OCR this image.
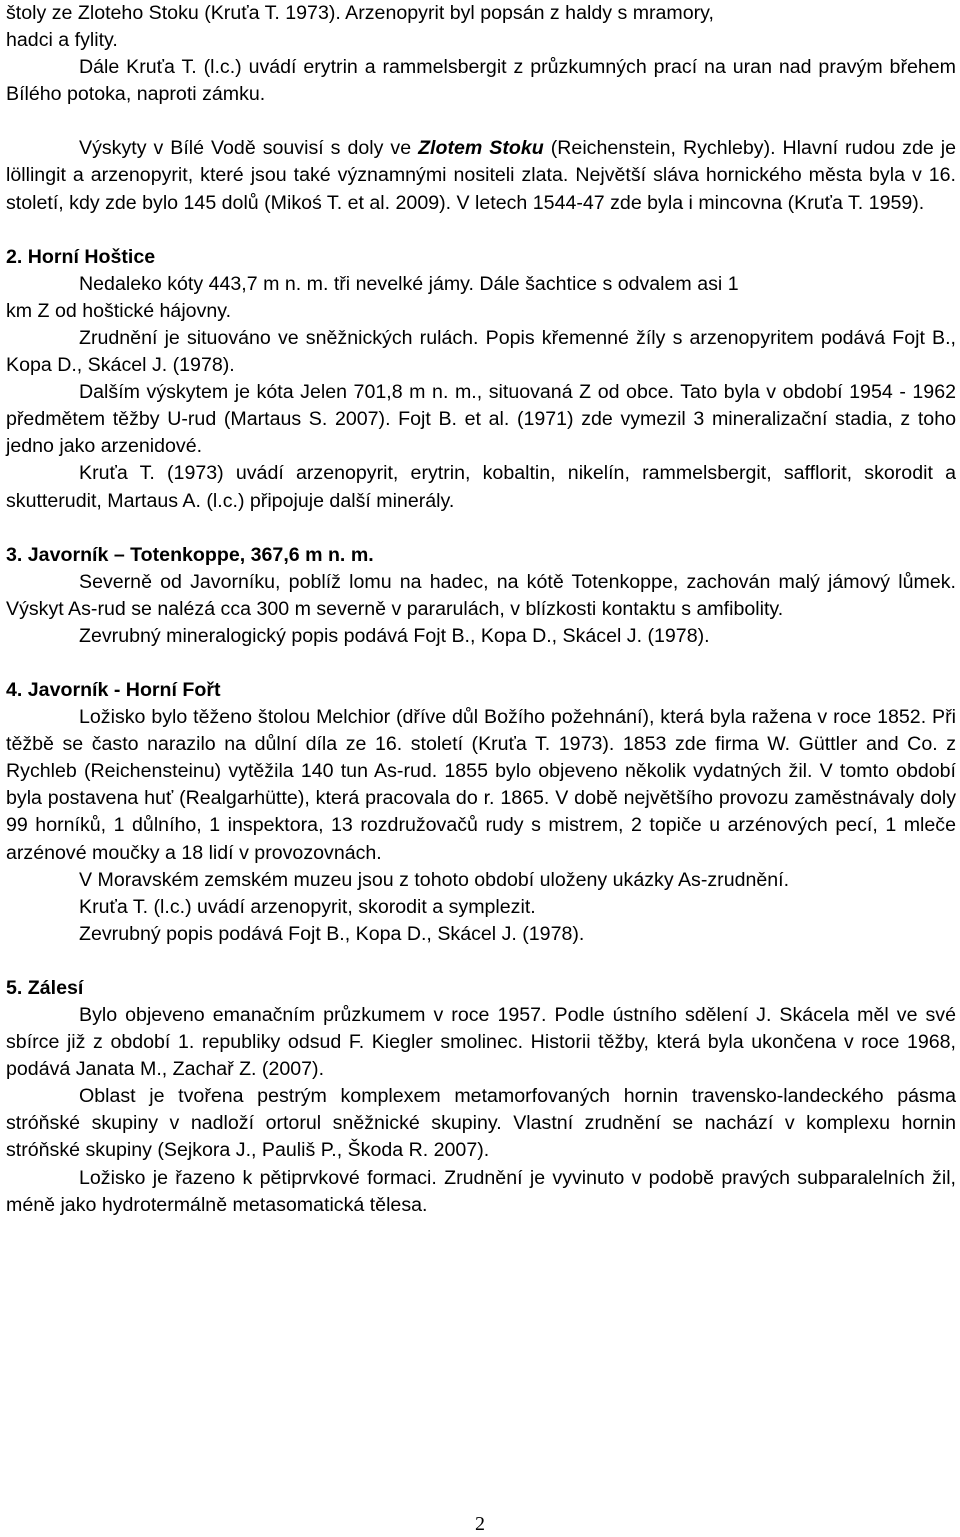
štoly ze Zloteho Stoku (Kruťa T. 1973). Arzenopyrit byl popsán z haldy s mramory,

hadci a fylity.

Dále Kruťa T. (l.c.) uvádí erytrin a rammelsbergit z průzkumných prací na uran nad pravým břehem Bílého potoka, naproti zámku.

Výskyty v Bílé Vodě souvisí s doly ve Zlotem Stoku (Reichenstein, Rychleby). Hlavní rudou zde je löllingit a arzenopyrit, které jsou také významnými nositeli zlata. Největší sláva hornického města byla v 16. století, kdy zde bylo 145 dolů (Mikoś T. et al. 2009). V letech 1544-47 zde byla i mincovna (Kruťa T. 1959).

2. Horní Hoštice

Nedaleko kóty 443,7 m n. m. tři nevelké jámy. Dále šachtice s odvalem asi 1

km Z od hoštické hájovny.

Zrudnění je situováno ve sněžnických rulách. Popis křemenné žíly s arzenopyritem podává Fojt B., Kopa D., Skácel J. (1978).

Dalším výskytem je kóta Jelen 701,8 m n. m., situovaná Z od obce. Tato byla v období 1954 - 1962 předmětem těžby U-rud (Martaus S. 2007). Fojt B. et al. (1971) zde vymezil 3 mineralizační stadia, z toho jedno jako arzenidové.

Kruťa T. (1973) uvádí arzenopyrit, erytrin, kobaltin, nikelín, rammelsbergit, safflorit, skorodit a skutterudit, Martaus A. (l.c.) připojuje další minerály.

3. Javorník – Totenkoppe, 367,6 m n. m.

Severně od Javorníku, poblíž lomu na hadec, na kótě Totenkoppe, zachován malý jámový lůmek. Výskyt As-rud se nalézá cca 300 m severně v pararulách, v blízkosti kontaktu s amfibolity.

Zevrubný mineralogický popis podává Fojt B., Kopa D., Skácel J. (1978).

4. Javorník - Horní Fořt

Ložisko bylo těženo štolou Melchior (dříve důl Božího požehnání), která byla ražena v roce 1852. Při těžbě se často narazilo na důlní díla ze 16. století (Kruťa T. 1973). 1853 zde firma W. Güttler and Co. z Rychleb (Reichensteinu) vytěžila 140 tun As-rud. 1855 bylo objeveno několik vydatných žil. V tomto období byla postavena huť (Realgarhütte), která pracovala do r. 1865. V době největšího provozu zaměstnávaly doly 99 horníků, 1 důlního, 1 inspektora, 13 rozdružovačů rudy s mistrem, 2 topiče u arzénových pecí, 1 mleče arzénové moučky a 18 lidí v provozovnách.

V Moravském zemském muzeu jsou z tohoto období uloženy ukázky As-zrudnění.

Kruťa T. (l.c.) uvádí arzenopyrit, skorodit a symplezit.

Zevrubný popis podává Fojt B., Kopa D., Skácel J. (1978).

5. Zálesí

Bylo objeveno emanačním průzkumem v roce 1957. Podle ústního sdělení J. Skácela měl ve své sbírce již z období 1. republiky odsud F. Kiegler smolinec. Historii těžby, která byla ukončena v roce 1968, podává Janata M., Zachař Z. (2007).

Oblast je tvořena pestrým komplexem metamorfovaných hornin travensko-landeckého pásma stróňské skupiny v nadloží ortorul sněžnické skupiny. Vlastní zrudnění se nachází v komplexu hornin stróňské skupiny (Sejkora J., Pauliš P., Škoda R. 2007).

Ložisko je řazeno k pětiprvkové formaci. Zrudnění je vyvinuto v podobě pravých subparalelních žil, méně jako hydrotermálně metasomatická tělesa.

2
